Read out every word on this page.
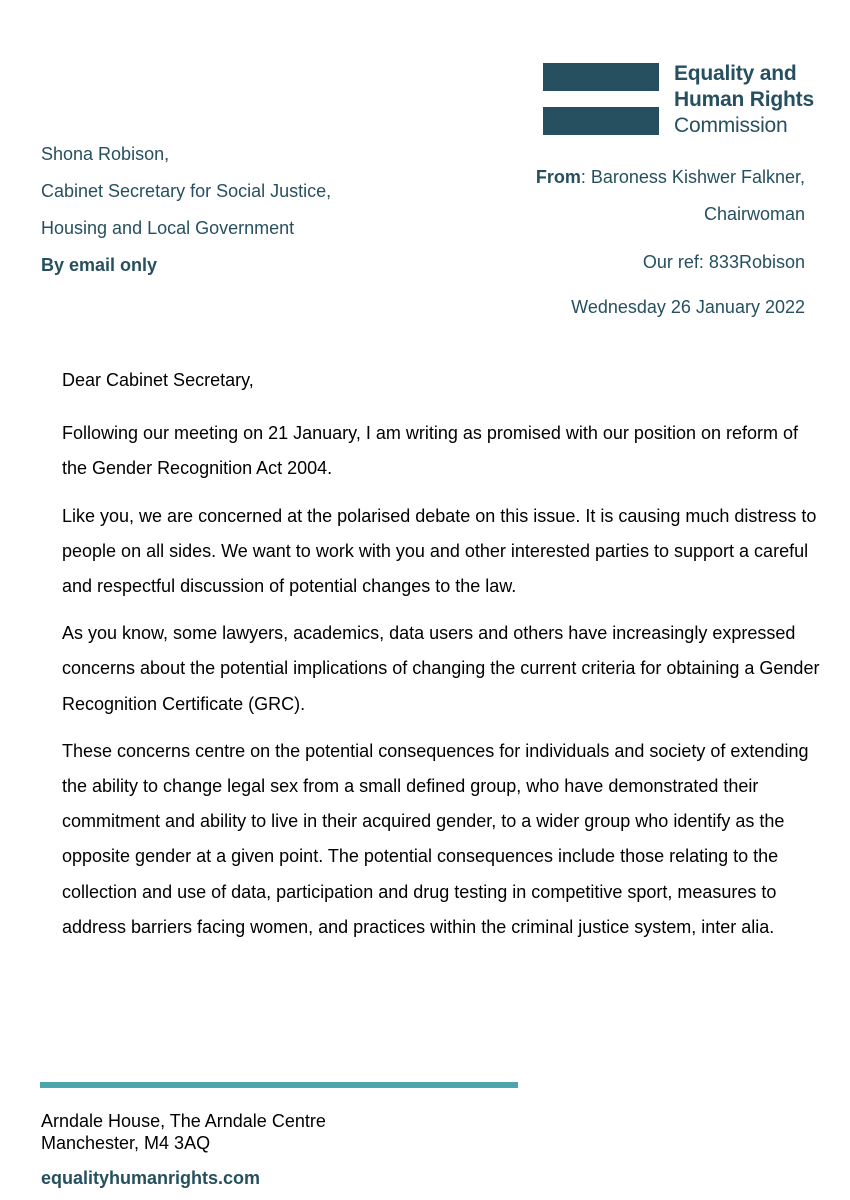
Equality and
Human Rights
Commission
Shona Robison,
Cabinet Secretary for Social Justice,
Housing and Local Government
By email only
From: Baroness Kishwer Falkner,
Chairwoman
Our ref: 833Robison
Wednesday 26 January 2022

Dear Cabinet Secretary,

Following our meeting on 21 January, I am writing as promised with our position on reform of the Gender Recognition Act 2004.

Like you, we are concerned at the polarised debate on this issue. It is causing much distress to people on all sides. We want to work with you and other interested parties to support a careful and respectful discussion of potential changes to the law.

As you know, some lawyers, academics, data users and others have increasingly expressed concerns about the potential implications of changing the current criteria for obtaining a Gender Recognition Certificate (GRC).

These concerns centre on the potential consequences for individuals and society of extending the ability to change legal sex from a small defined group, who have demonstrated their commitment and ability to live in their acquired gender, to a wider group who identify as the opposite gender at a given point. The potential consequences include those relating to the collection and use of data, participation and drug testing in competitive sport, measures to address barriers facing women, and practices within the criminal justice system, inter alia.

Arndale House, The Arndale Centre
Manchester, M4 3AQ
equalityhumanrights.com
